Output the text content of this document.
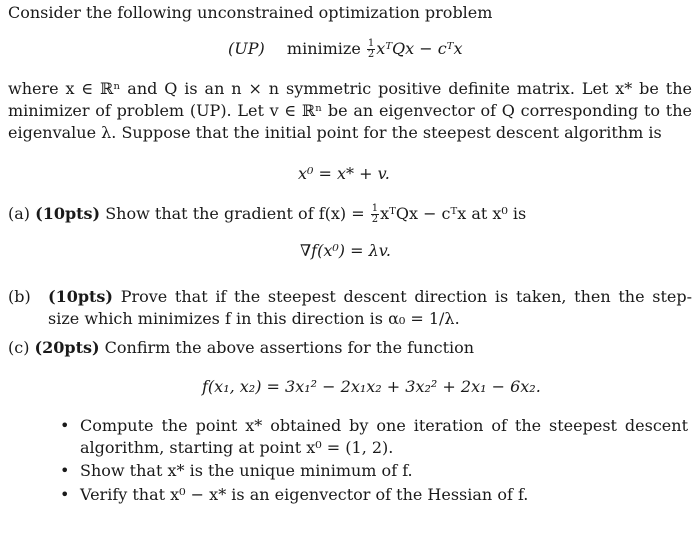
Consider the following unconstrained optimization problem
(UP) minimize $\frac{1}{2}$ xᵀQx − cᵀx
where x ∈ ℝⁿ and Q is an n × n symmetric positive definite matrix. Let x* be the minimizer of problem (UP). Let v ∈ ℝⁿ be an eigenvector of Q corresponding to the eigenvalue λ. Suppose that the initial point for the steepest descent algorithm is
x⁰ = x* + v.
(a) (10pts) Show that the gradient of $f(x) = \frac{1}{2}$ xᵀQx − cᵀx at x⁰ is
∇f(x⁰) = λv.
(b) (10pts) Prove that if the steepest descent direction is taken, then the step-size which minimizes f in this direction is α₀ = 1/λ.
(c) (20pts) Confirm the above assertions for the function
f(x₁, x₂) = 3x₁² − 2x₁x₂ + 3x₂² + 2x₁ − 6x₂.
• Compute the point x* obtained by one iteration of the steepest descent algorithm, starting at point x⁰ = (1, 2).
• Show that x* is the unique minimum of f.
• Verify that x⁰ − x* is an eigenvector of the Hessian of f.
